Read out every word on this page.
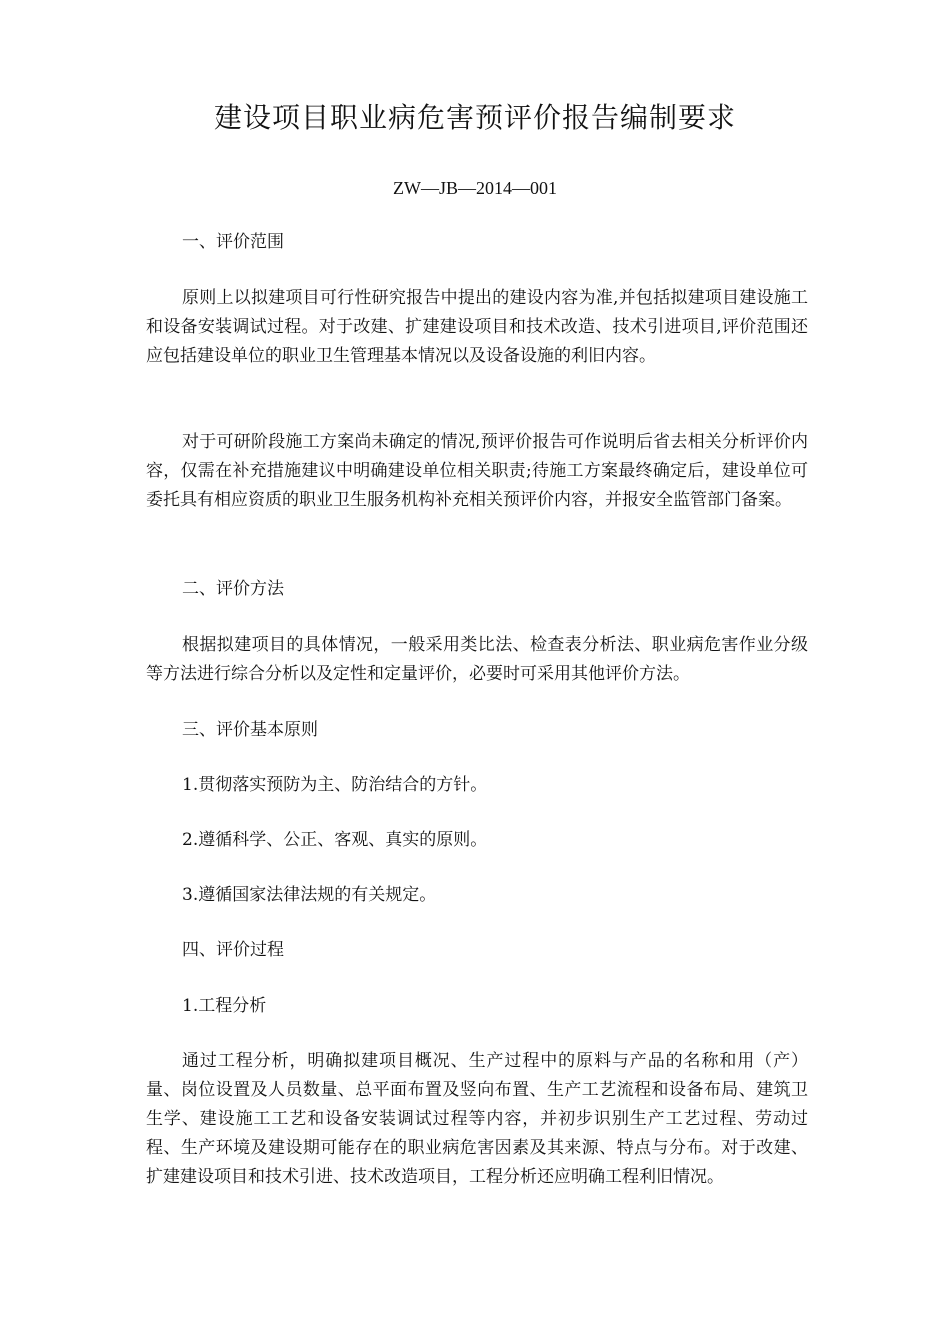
建设项目职业病危害预评价报告编制要求
ZW—JB—2014—001
一、评价范围

原则上以拟建项目可行性研究报告中提出的建设内容为准,并包括拟建项目建设施工和设备安装调试过程。对于改建、扩建建设项目和技术改造、技术引进项目,评价范围还应包括建设单位的职业卫生管理基本情况以及设备设施的利旧内容。

对于可研阶段施工方案尚未确定的情况,预评价报告可作说明后省去相关分析评价内容，仅需在补充措施建议中明确建设单位相关职责;待施工方案最终确定后，建设单位可委托具有相应资质的职业卫生服务机构补充相关预评价内容，并报安全监管部门备案。

二、评价方法

根据拟建项目的具体情况，一般采用类比法、检查表分析法、职业病危害作业分级等方法进行综合分析以及定性和定量评价，必要时可采用其他评价方法。

三、评价基本原则
1.贯彻落实预防为主、防治结合的方针。
2.遵循科学、公正、客观、真实的原则。
3.遵循国家法律法规的有关规定。
四、评价过程
1.工程分析

通过工程分析，明确拟建项目概况、生产过程中的原料与产品的名称和用（产）量、岗位设置及人员数量、总平面布置及竖向布置、生产工艺流程和设备布局、建筑卫生学、建设施工工艺和设备安装调试过程等内容，并初步识别生产工艺过程、劳动过程、生产环境及建设期可能存在的职业病危害因素及其来源、特点与分布。对于改建、扩建建设项目和技术引进、技术改造项目，工程分析还应明确工程利旧情况。
